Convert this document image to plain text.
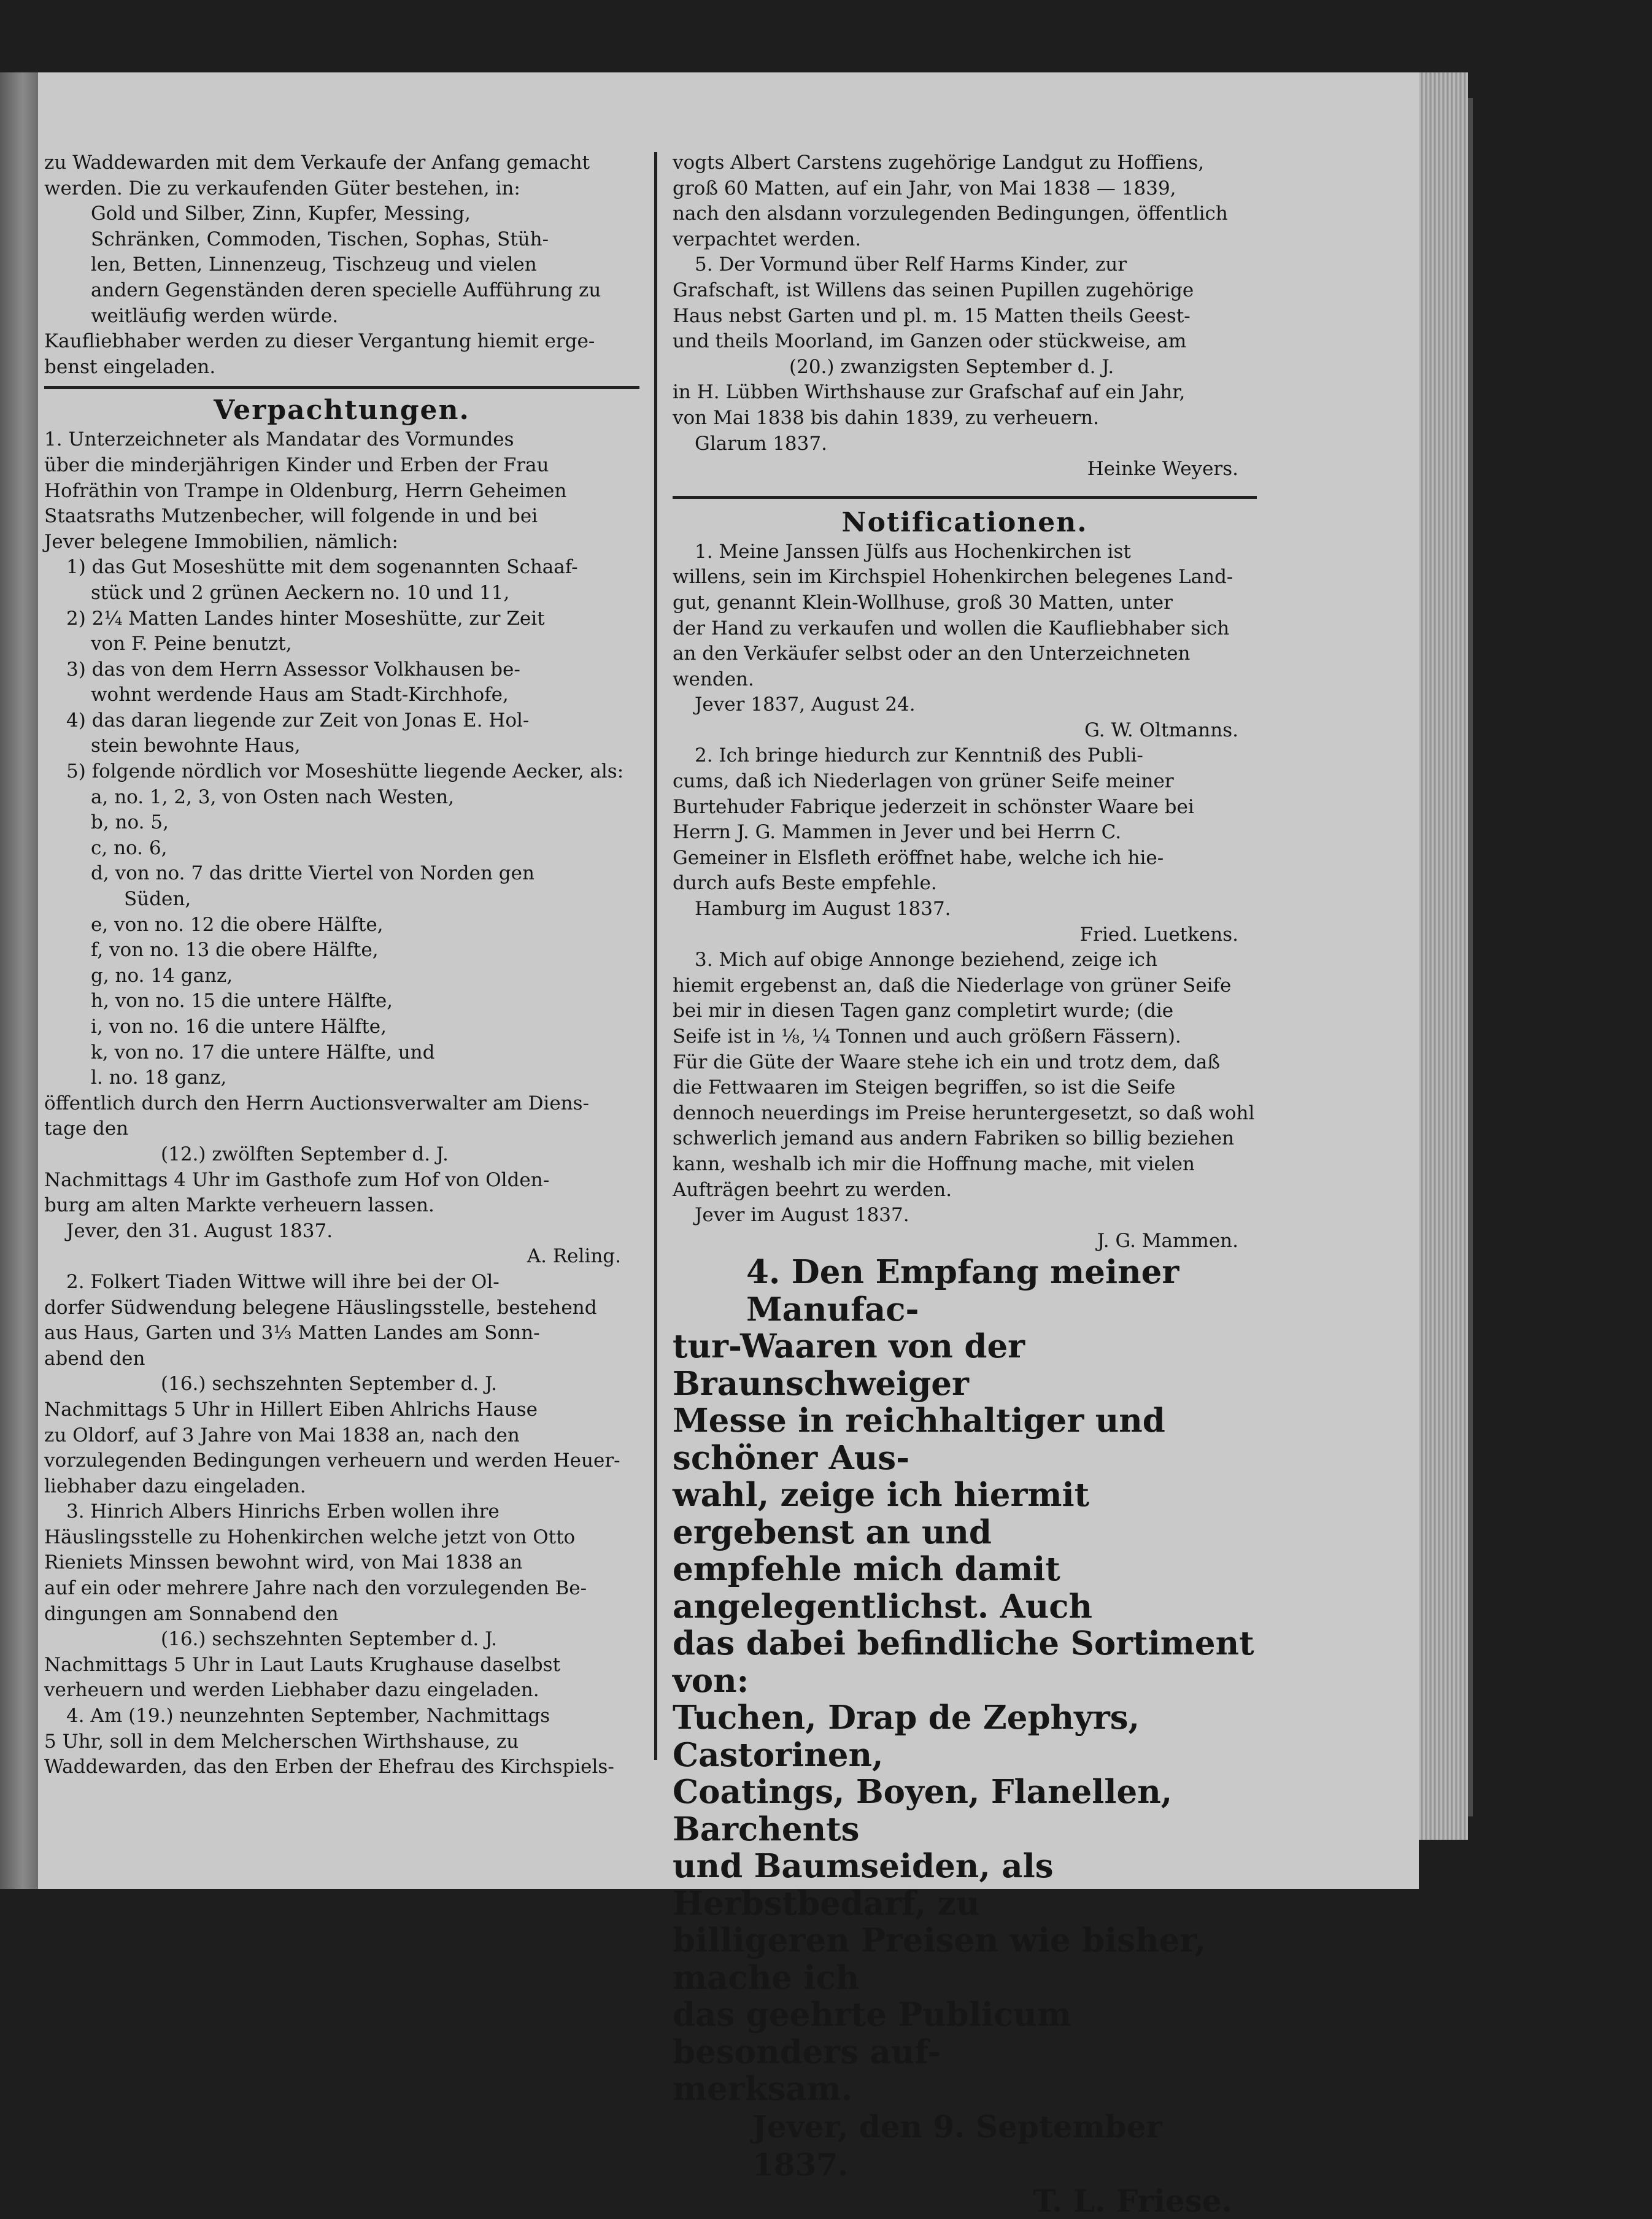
zu Waddewarden mit dem Verkaufe der Anfang gemacht

werden. Die zu verkaufenden Güter bestehen, in:

Gold und Silber, Zinn, Kupfer, Messing,

Schränken, Commoden, Tischen, Sophas, Stüh-

len, Betten, Linnenzeug, Tischzeug und vielen

andern Gegenständen deren specielle Aufführung zu

weitläufig werden würde.

Kaufliebhaber werden zu dieser Vergantung hiemit erge-

benst eingeladen.

Verpachtungen.

1. Unterzeichneter als Mandatar des Vormundes

über die minderjährigen Kinder und Erben der Frau

Hofräthin von Trampe in Oldenburg, Herrn Geheimen

Staatsraths Mutzenbecher, will folgende in und bei

Jever belegene Immobilien, nämlich:

1) das Gut Moseshütte mit dem sogenannten Schaaf-

stück und 2 grünen Aeckern no. 10 und 11,

2) 2¼ Matten Landes hinter Moseshütte, zur Zeit

von F. Peine benutzt,

3) das von dem Herrn Assessor Volkhausen be-

wohnt werdende Haus am Stadt-Kirchhofe,

4) das daran liegende zur Zeit von Jonas E. Hol-

stein bewohnte Haus,

5) folgende nördlich vor Moseshütte liegende Aecker, als:

a, no. 1, 2, 3, von Osten nach Westen,

b, no. 5,

c, no. 6,

d, von no. 7 das dritte Viertel von Norden gen

Süden,

e, von no. 12 die obere Hälfte,

f, von no. 13 die obere Hälfte,

g, no. 14 ganz,

h, von no. 15 die untere Hälfte,

i, von no. 16 die untere Hälfte,

k, von no. 17 die untere Hälfte, und

l. no. 18 ganz,

öffentlich durch den Herrn Auctionsverwalter am Diens-

tage den

(12.) zwölften September d. J.

Nachmittags 4 Uhr im Gasthofe zum Hof von Olden-

burg am alten Markte verheuern lassen.

Jever, den 31. August 1837.

A. Reling.

2. Folkert Tiaden Wittwe will ihre bei der Ol-

dorfer Südwendung belegene Häuslingsstelle, bestehend

aus Haus, Garten und 3⅓ Matten Landes am Sonn-

abend den

(16.) sechszehnten September d. J.

Nachmittags 5 Uhr in Hillert Eiben Ahlrichs Hause

zu Oldorf, auf 3 Jahre von Mai 1838 an, nach den

vorzulegenden Bedingungen verheuern und werden Heuer-

liebhaber dazu eingeladen.

3. Hinrich Albers Hinrichs Erben wollen ihre

Häuslingsstelle zu Hohenkirchen welche jetzt von Otto

Rieniets Minssen bewohnt wird, von Mai 1838 an

auf ein oder mehrere Jahre nach den vorzulegenden Be-

dingungen am Sonnabend den

(16.) sechszehnten September d. J.

Nachmittags 5 Uhr in Laut Lauts Krughause daselbst

verheuern und werden Liebhaber dazu eingeladen.

4. Am (19.) neunzehnten September, Nachmittags

5 Uhr, soll in dem Melcherschen Wirthshause, zu

Waddewarden, das den Erben der Ehefrau des Kirchspiels-

vogts Albert Carstens zugehörige Landgut zu Hoffiens,

groß 60 Matten, auf ein Jahr, von Mai 1838 — 1839,

nach den alsdann vorzulegenden Bedingungen, öffentlich

verpachtet werden.

5. Der Vormund über Relf Harms Kinder, zur

Grafschaft, ist Willens das seinen Pupillen zugehörige

Haus nebst Garten und pl. m. 15 Matten theils Geest-

und theils Moorland, im Ganzen oder stückweise, am

(20.) zwanzigsten September d. J.

in H. Lübben Wirthshause zur Grafschaf auf ein Jahr,

von Mai 1838 bis dahin 1839, zu verheuern.

Glarum 1837.

Heinke Weyers.

Notificationen.

1. Meine Janssen Jülfs aus Hochenkirchen ist

willens, sein im Kirchspiel Hohenkirchen belegenes Land-

gut, genannt Klein-Wollhuse, groß 30 Matten, unter

der Hand zu verkaufen und wollen die Kaufliebhaber sich

an den Verkäufer selbst oder an den Unterzeichneten

wenden.

Jever 1837, August 24.

G. W. Oltmanns.

2. Ich bringe hiedurch zur Kenntniß des Publi-

cums, daß ich Niederlagen von grüner Seife meiner

Burtehuder Fabrique jederzeit in schönster Waare bei

Herrn J. G. Mammen in Jever und bei Herrn C.

Gemeiner in Elsfleth eröffnet habe, welche ich hie-

durch aufs Beste empfehle.

Hamburg im August 1837.

Fried. Luetkens.

3. Mich auf obige Annonge beziehend, zeige ich

hiemit ergebenst an, daß die Niederlage von grüner Seife

bei mir in diesen Tagen ganz completirt wurde; (die

Seife ist in ⅛, ¼ Tonnen und auch größern Fässern).

Für die Güte der Waare stehe ich ein und trotz dem, daß

die Fettwaaren im Steigen begriffen, so ist die Seife

dennoch neuerdings im Preise heruntergesetzt, so daß wohl

schwerlich jemand aus andern Fabriken so billig beziehen

kann, weshalb ich mir die Hoffnung mache, mit vielen

Aufträgen beehrt zu werden.

Jever im August 1837.

J. G. Mammen.

4. Den Empfang meiner Manufac-

tur-Waaren von der Braunschweiger

Messe in reichhaltiger und schöner Aus-

wahl, zeige ich hiermit ergebenst an und

empfehle mich damit angelegentlichst. Auch

das dabei befindliche Sortiment von:

Tuchen, Drap de Zephyrs, Castorinen,

Coatings, Boyen, Flanellen, Barchents

und Baumseiden, als Herbstbedarf, zu

billigeren Preisen wie bisher, mache ich

das geehrte Publicum besonders auf-

merksam.

Jever, den 9. September 1837.

T. L. Friese.
